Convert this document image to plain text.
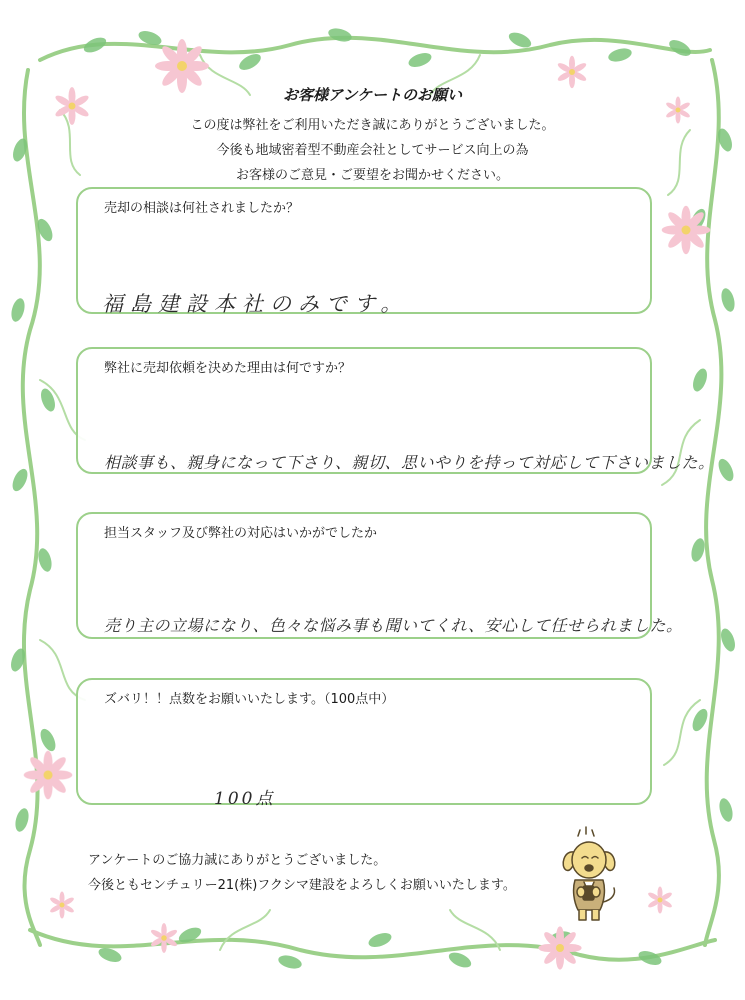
お客様アンケートのお願い

この度は弊社をご利用いただき誠にありがとうございました。

今後も地域密着型不動産会社としてサービス向上の為

お客様のご意見・ご要望をお聞かせください。

売却の相談は何社されましたか？
福島建設本社のみです。
弊社に売却依頼を決めた理由は何ですか？
相談事も、親身になって下さり、親切、思いやりを持って対応して下さいました。
担当スタッフ及び弊社の対応はいかがでしたか
売り主の立場になり、色々な悩み事も聞いてくれ、安心して任せられました。
ズバリ！！点数をお願いいたします。（100点中）
100点

アンケートのご協力誠にありがとうございました。

今後ともセンチュリー21(株)フクシマ建設をよろしくお願いいたします。
